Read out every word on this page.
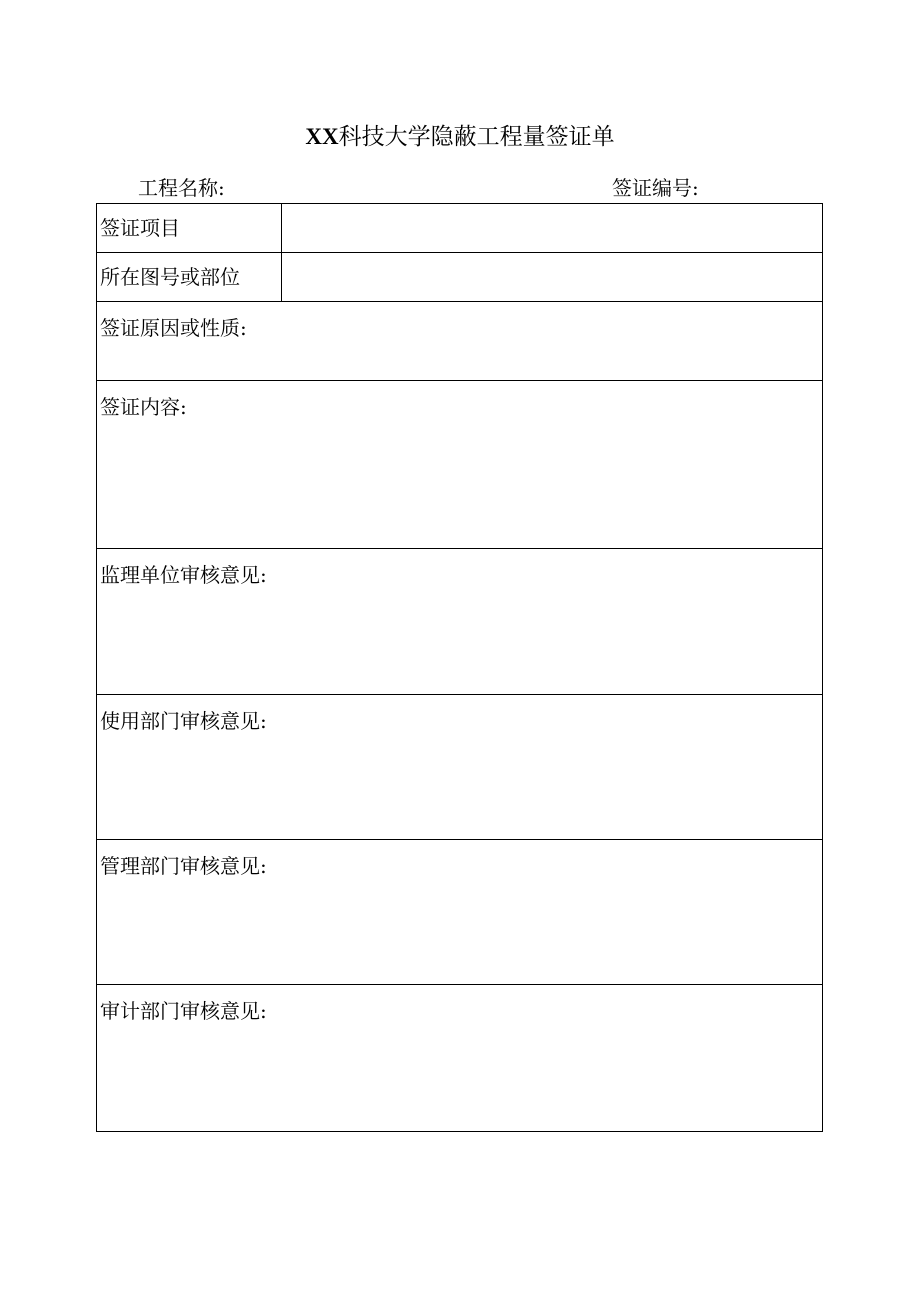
XX科技大学隐蔽工程量签证单
工程名称:	签证编号:
签证项目	
所在图号或部位	
签证原因或性质:	
签证内容:	
监理单位审核意见:	
使用部门审核意见:	
管理部门审核意见:	
审计部门审核意见:	
